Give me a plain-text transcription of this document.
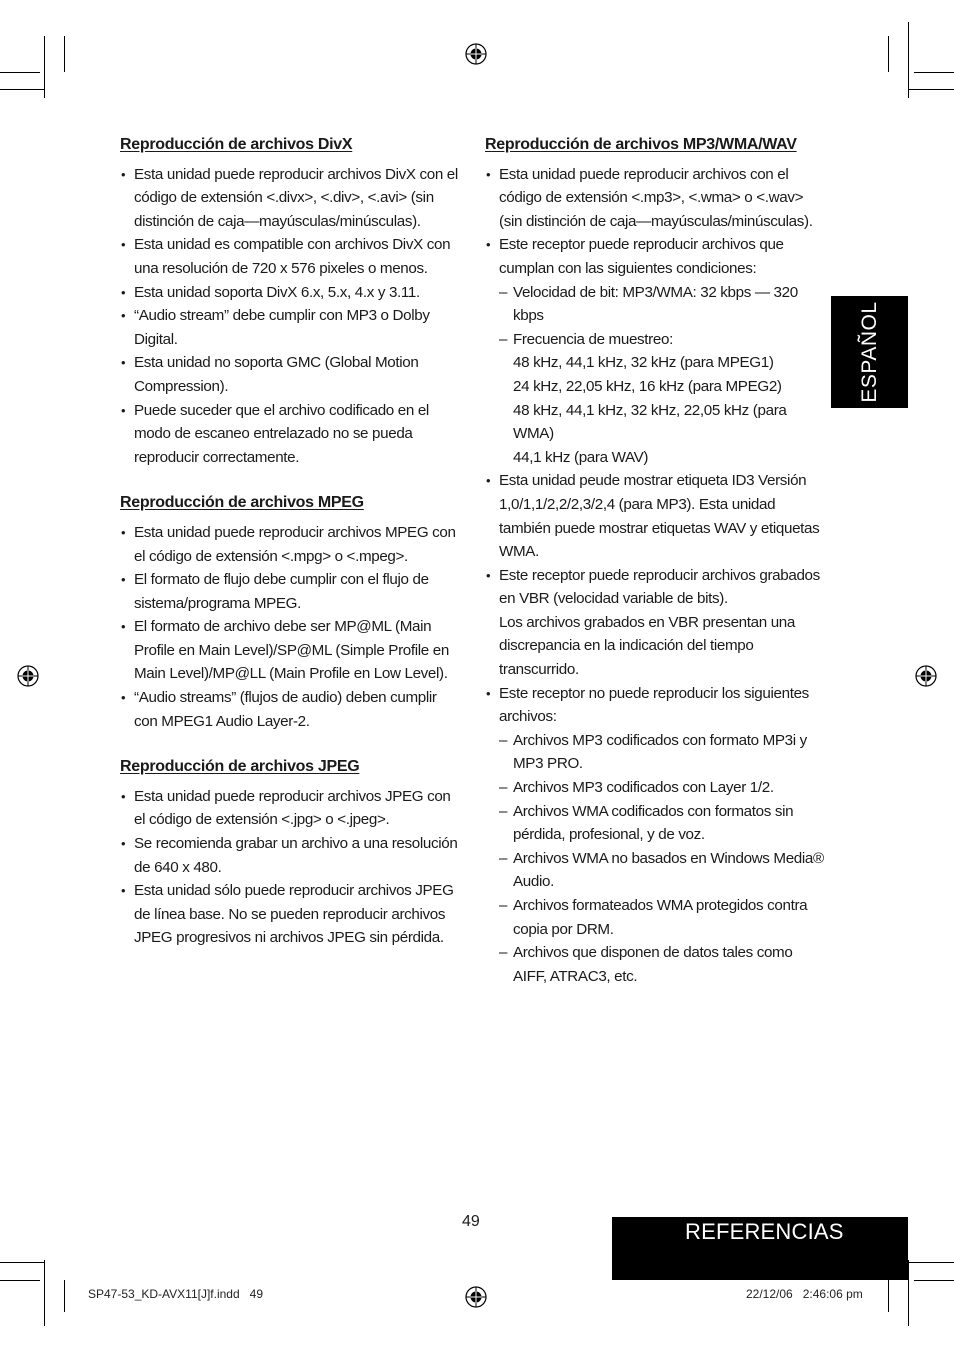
Reproducción de archivos DivX
• Esta unidad puede reproducir archivos DivX con el código de extensión <.divx>, <.div>, <.avi> (sin distinción de caja—mayúsculas/minúsculas).
• Esta unidad es compatible con archivos DivX con una resolución de 720 x 576 pixeles o menos.
• Esta unidad soporta DivX 6.x, 5.x, 4.x y 3.11.
• “Audio stream” debe cumplir con MP3 o Dolby Digital.
• Esta unidad no soporta GMC (Global Motion Compression).
• Puede suceder que el archivo codificado en el modo de escaneo entrelazado no se pueda reproducir correctamente.
Reproducción de archivos MPEG
• Esta unidad puede reproducir archivos MPEG con el código de extensión <.mpg> o <.mpeg>.
• El formato de flujo debe cumplir con el flujo de sistema/programa MPEG.
• El formato de archivo debe ser MP@ML (Main Profile en Main Level)/SP@ML (Simple Profile en Main Level)/MP@LL (Main Profile en Low Level).
• “Audio streams” (flujos de audio) deben cumplir con MPEG1 Audio Layer-2.
Reproducción de archivos JPEG
• Esta unidad puede reproducir archivos JPEG con el código de extensión <.jpg> o <.jpeg>.
• Se recomienda grabar un archivo a una resolución de 640 x 480.
• Esta unidad sólo puede reproducir archivos JPEG de línea base. No se pueden reproducir archivos JPEG progresivos ni archivos JPEG sin pérdida.
Reproducción de archivos MP3/WMA/WAV
• Esta unidad puede reproducir archivos con el código de extensión <.mp3>, <.wma> o <.wav> (sin distinción de caja—mayúsculas/minúsculas).
• Este receptor puede reproducir archivos que cumplan con las siguientes condiciones:
– Velocidad de bit: MP3/WMA: 32 kbps — 320 kbps
– Frecuencia de muestreo:
48 kHz, 44,1 kHz, 32 kHz (para MPEG1)
24 kHz, 22,05 kHz, 16 kHz (para MPEG2)
48 kHz, 44,1 kHz, 32 kHz, 22,05 kHz (para WMA)
44,1 kHz (para WAV)
• Esta unidad peude mostrar etiqueta ID3 Versión 1,0/1,1/2,2/2,3/2,4 (para MP3). Esta unidad también puede mostrar etiquetas WAV y etiquetas WMA.
• Este receptor puede reproducir archivos grabados en VBR (velocidad variable de bits).
Los archivos grabados en VBR presentan una discrepancia en la indicación del tiempo transcurrido.
• Este receptor no puede reproducir los siguientes archivos:
– Archivos MP3 codificados con formato MP3i y MP3 PRO.
– Archivos MP3 codificados con Layer 1/2.
– Archivos WMA codificados con formatos sin pérdida, profesional, y de voz.
– Archivos WMA no basados en Windows Media® Audio.
– Archivos formateados WMA protegidos contra copia por DRM.
– Archivos que disponen de datos tales como AIFF, ATRAC3, etc.
ESPAÑOL
49	REFERENCIAS
SP47-53_KD-AVX11[J]f.indd   49	22/12/06   2:46:06 pm
